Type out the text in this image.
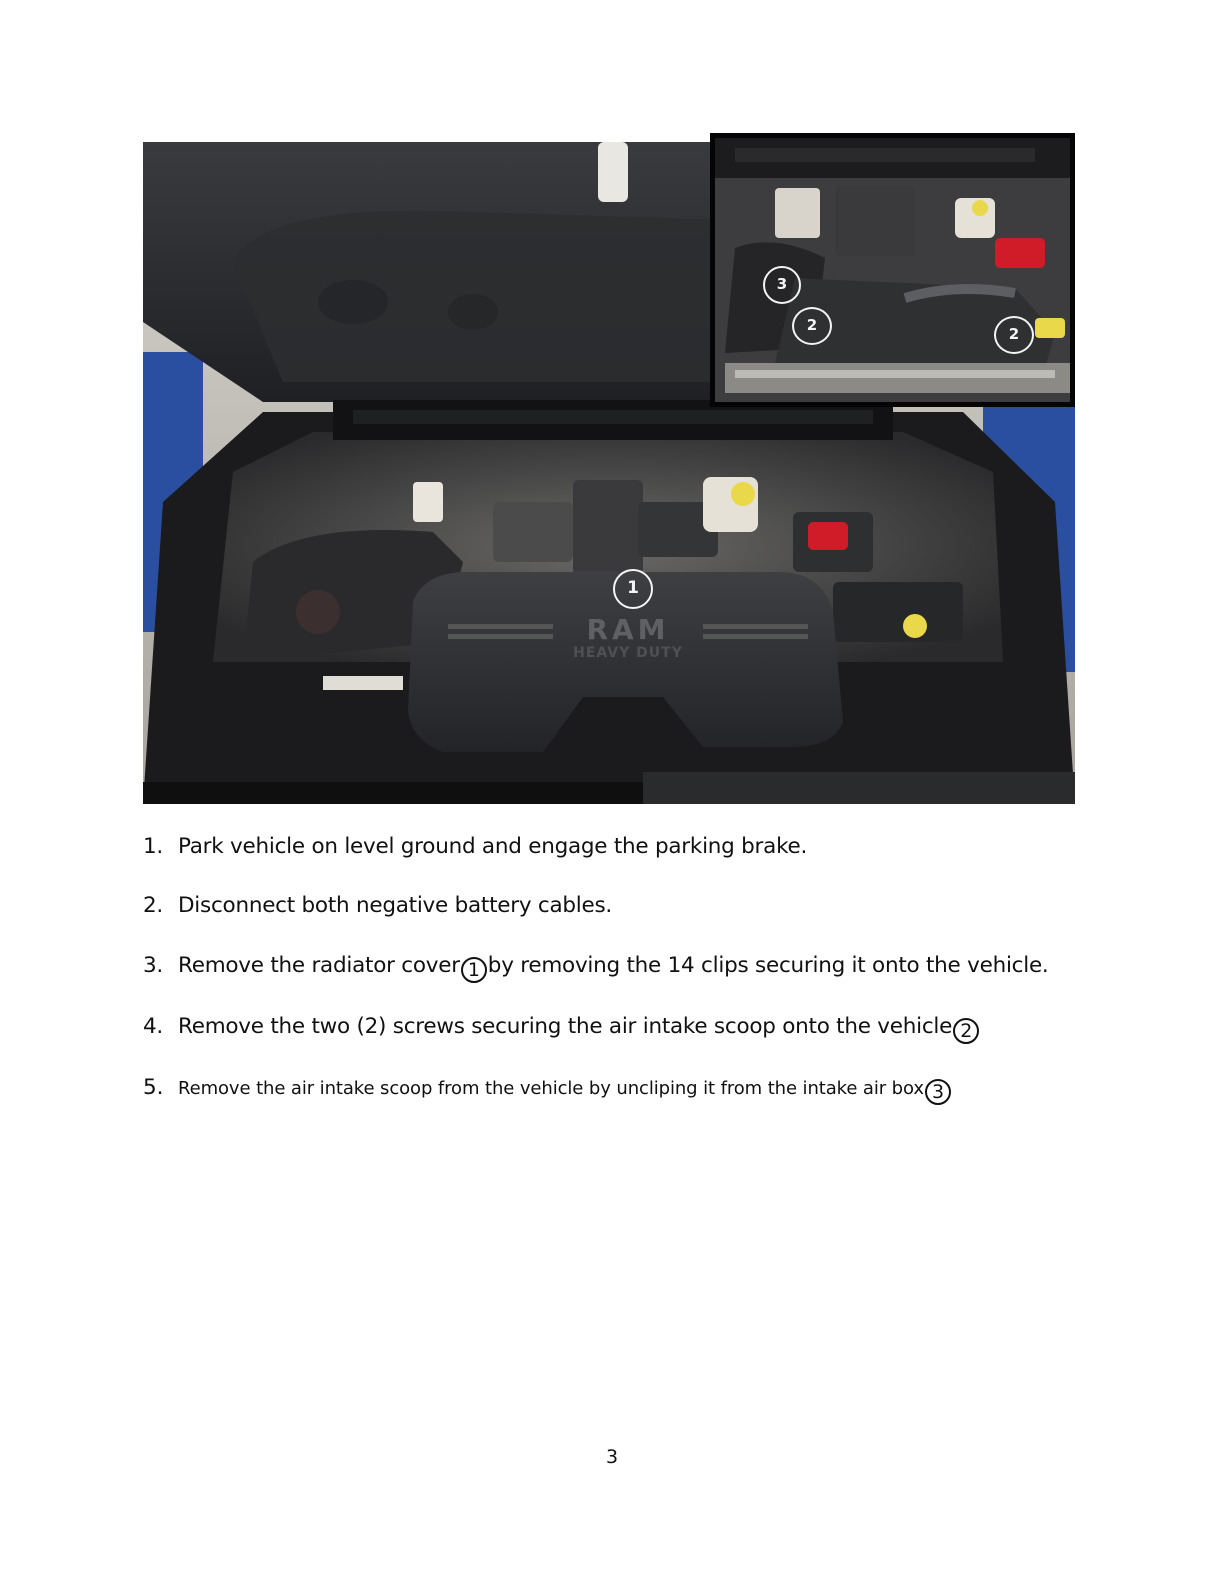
RAM
HEAVY DUTY
1
3
2	2
1. Park vehicle on level ground and engage the parking brake.
2. Disconnect both negative battery cables.
3. Remove the radiator cover 1 by removing the 14 clips securing it onto the vehicle.
4. Remove the two (2) screws securing the air intake scoop onto the vehicle 2
5. Remove the air intake scoop from the vehicle by uncliping it from the intake air box 3
3
